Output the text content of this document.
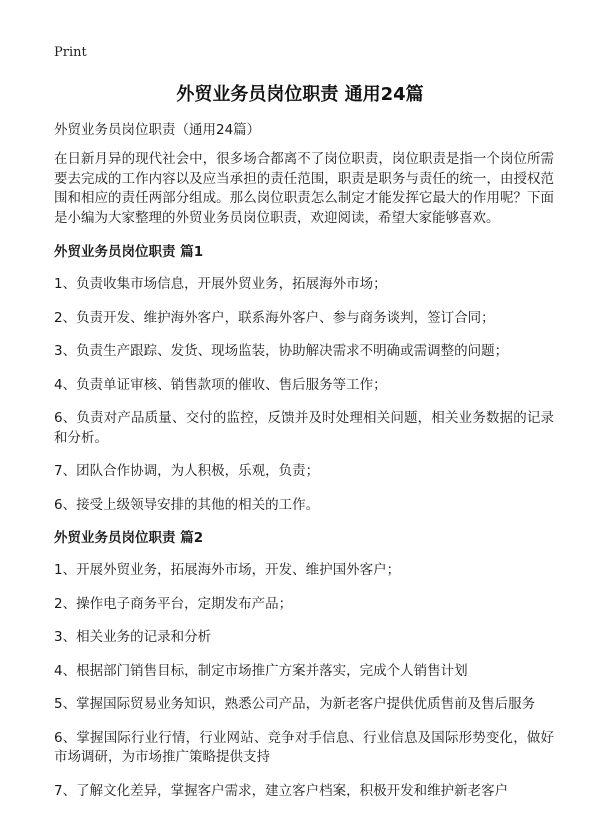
Print
外贸业务员岗位职责 通用24篇

外贸业务员岗位职责（通用24篇）

在日新月异的现代社会中，很多场合都离不了岗位职责，岗位职责是指一个岗位所需要去完成的工作内容以及应当承担的责任范围，职责是职务与责任的统一，由授权范围和相应的责任两部分组成。那么岗位职责怎么制定才能发挥它最大的作用呢？下面是小编为大家整理的外贸业务员岗位职责，欢迎阅读，希望大家能够喜欢。

外贸业务员岗位职责 篇1

1、负责收集市场信息，开展外贸业务，拓展海外市场；

2、负责开发、维护海外客户，联系海外客户、参与商务谈判，签订合同；

3、负责生产跟踪、发货、现场监装，协助解决需求不明确或需调整的问题；

4、负责单证审核、销售款项的催收、售后服务等工作；

6、负责对产品质量、交付的监控，反馈并及时处理相关问题，相关业务数据的记录和分析。

7、团队合作协调，为人积极，乐观，负责；

6、接受上级领导安排的其他的相关的工作。

外贸业务员岗位职责 篇2

1、开展外贸业务，拓展海外市场，开发、维护国外客户；

2、操作电子商务平台，定期发布产品；

3、相关业务的记录和分析

4、根据部门销售目标，制定市场推广方案并落实，完成个人销售计划

5、掌握国际贸易业务知识，熟悉公司产品，为新老客户提供优质售前及售后服务

6、掌握国际行业行情，行业网站、竞争对手信息、行业信息及国际形势变化，做好市场调研，为市场推广策略提供支持

7、了解文化差异，掌握客户需求，建立客户档案，积极开发和维护新老客户
